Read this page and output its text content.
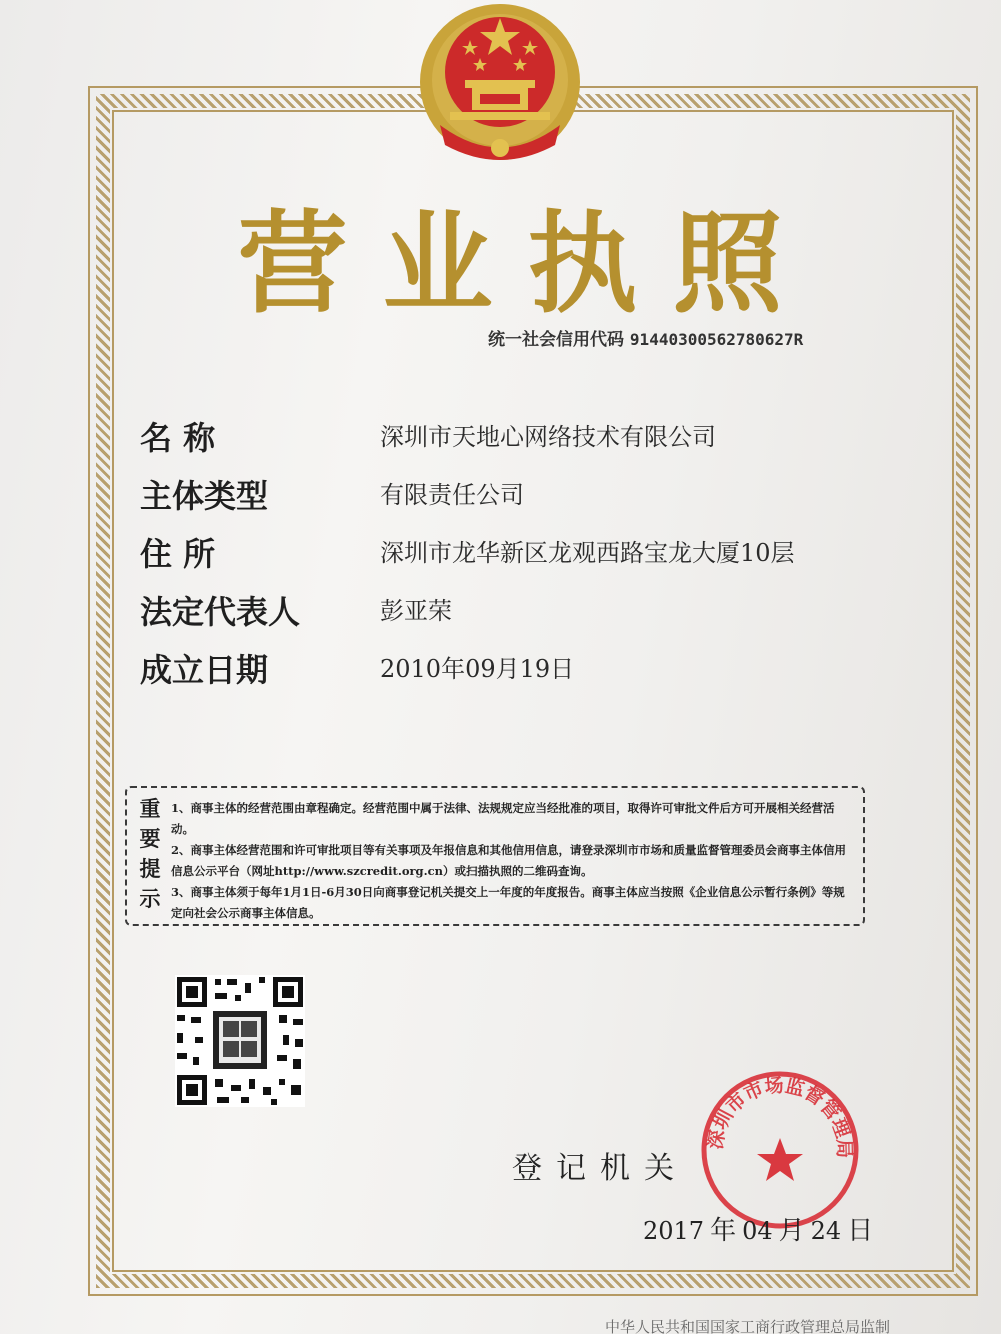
营 业 执 照
统一社会信用代码 91440300562780627R
名 称	深圳市天地心网络技术有限公司
主体类型	有限责任公司
住 所	深圳市龙华新区龙观西路宝龙大厦10层
法定代表人	彭亚荣
成立日期	2010年09月19日
重
要
提
示

1、商事主体的经营范围由章程确定。经营范围中属于法律、法规规定应当经批准的项目，取得许可审批文件后方可开展相关经营活动。

2、商事主体经营范围和许可审批项目等有关事项及年报信息和其他信用信息，请登录深圳市市场和质量监督管理委员会商事主体信用信息公示平台（网址http://www.szcredit.org.cn）或扫描执照的二维码查询。

3、商事主体须于每年1月1日-6月30日向商事登记机关提交上一年度的年度报告。商事主体应当按照《企业信息公示暂行条例》等规定向社会公示商事主体信息。

登记机关
深圳市市场监督管理局
2017 年 04 月 24 日
中华人民共和国国家工商行政管理总局监制
